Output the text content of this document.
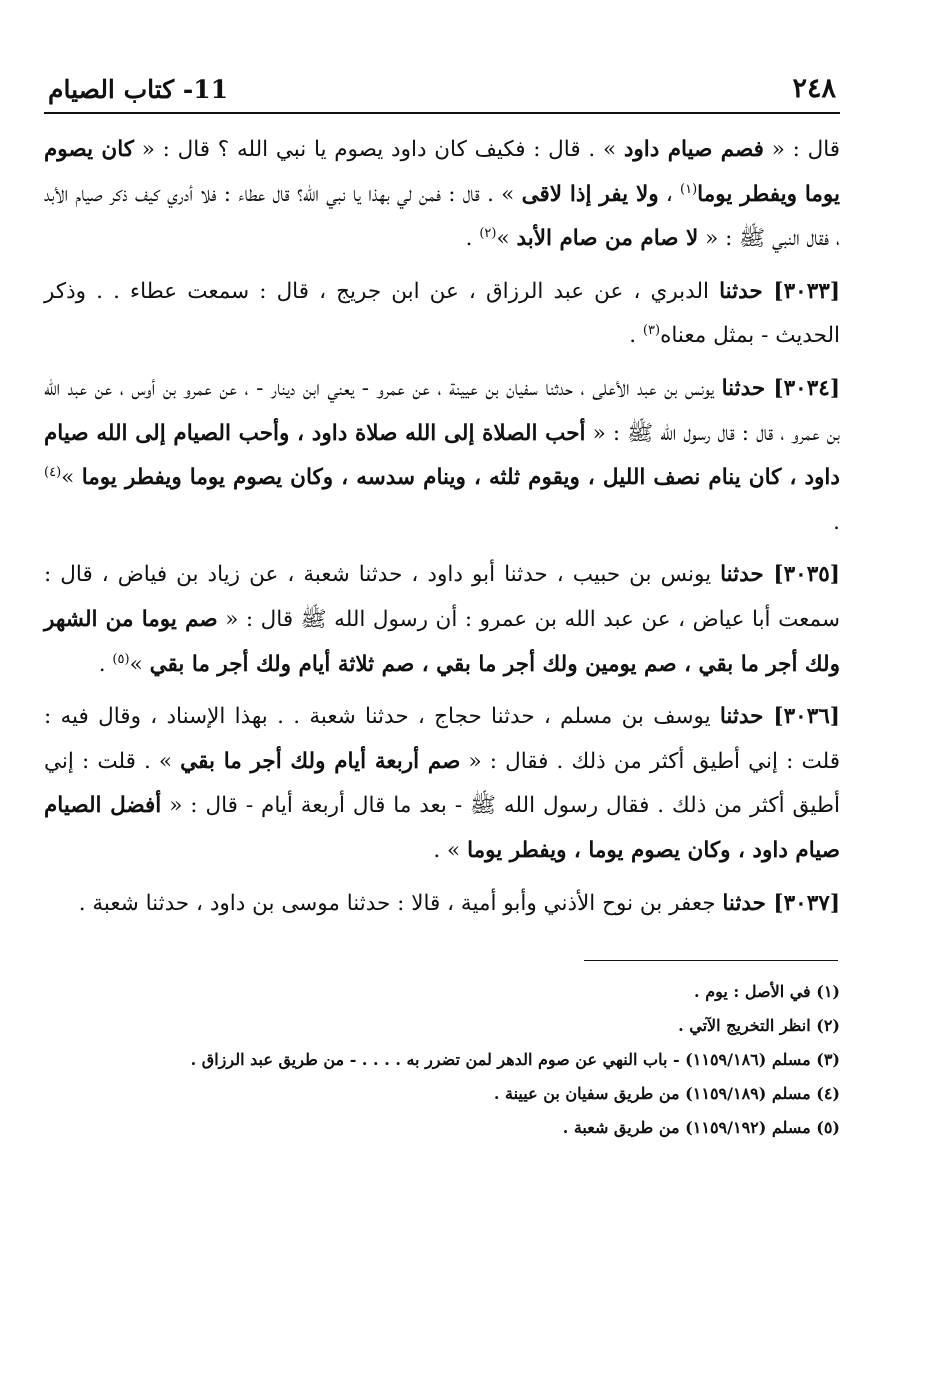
٢٤٨
11- كتاب الصيام

قال : « فصم صيام داود » . قال : فكيف كان داود يصوم يا نبي الله ؟ قال : « كان يصوم يوما ويفطر يوما$^{(١)}$ ، ولا يفر إذا لاقى » . قال : فمن لي بهذا يا نبي الله؟ قال عطاء : فلا أدري كيف ذكر صيام الأبد ، فقال النبي ﷺ : « لا صام من صام الأبد »$^{(٢)}$ .

[٣٠٣٣] حدثنا الدبري ، عن عبد الرزاق ، عن ابن جريج ، قال : سمعت عطاء . . وذكر الحديث - بمثل معناه$^{(٣)}$ .

[٣٠٣٤] حدثنا يونس بن عبد الأعلى ، حدثنا سفيان بن عيينة ، عن عمرو - يعني ابن دينار - ، عن عمرو بن أوس ، عن عبد الله بن عمرو ، قال : قال رسول الله ﷺ : « أحب الصلاة إلى الله صلاة داود ، وأحب الصيام إلى الله صيام داود ، كان ينام نصف الليل ، ويقوم ثلثه ، وينام سدسه ، وكان يصوم يوما ويفطر يوما »$^{(٤)}$ .

[٣٠٣٥] حدثنا يونس بن حبيب ، حدثنا أبو داود ، حدثنا شعبة ، عن زياد بن فياض ، قال : سمعت أبا عياض ، عن عبد الله بن عمرو : أن رسول الله ﷺ قال : « صم يوما من الشهر ولك أجر ما بقي ، صم يومين ولك أجر ما بقي ، صم ثلاثة أيام ولك أجر ما بقي »$^{(٥)}$ .

[٣٠٣٦] حدثنا يوسف بن مسلم ، حدثنا حجاج ، حدثنا شعبة . . بهذا الإسناد ، وقال فيه : قلت : إني أطيق أكثر من ذلك . فقال : « صم أربعة أيام ولك أجر ما بقي » . قلت : إني أطيق أكثر من ذلك . فقال رسول الله ﷺ - بعد ما قال أربعة أيام - قال : « أفضل الصيام صيام داود ، وكان يصوم يوما ، ويفطر يوما » .

[٣٠٣٧] حدثنا جعفر بن نوح الأذني وأبو أمية ، قالا : حدثنا موسى بن داود ، حدثنا شعبة .

(١) في الأصل : يوم .

(٢) انظر التخريج الآتي .

(٣) مسلم (١١٥٩/١٨٦) - باب النهي عن صوم الدهر لمن تضرر به . . . . - من طريق عبد الرزاق .

(٤) مسلم (١١٥٩/١٨٩) من طريق سفيان بن عيينة .

(٥) مسلم (١١٥٩/١٩٢) من طريق شعبة .
